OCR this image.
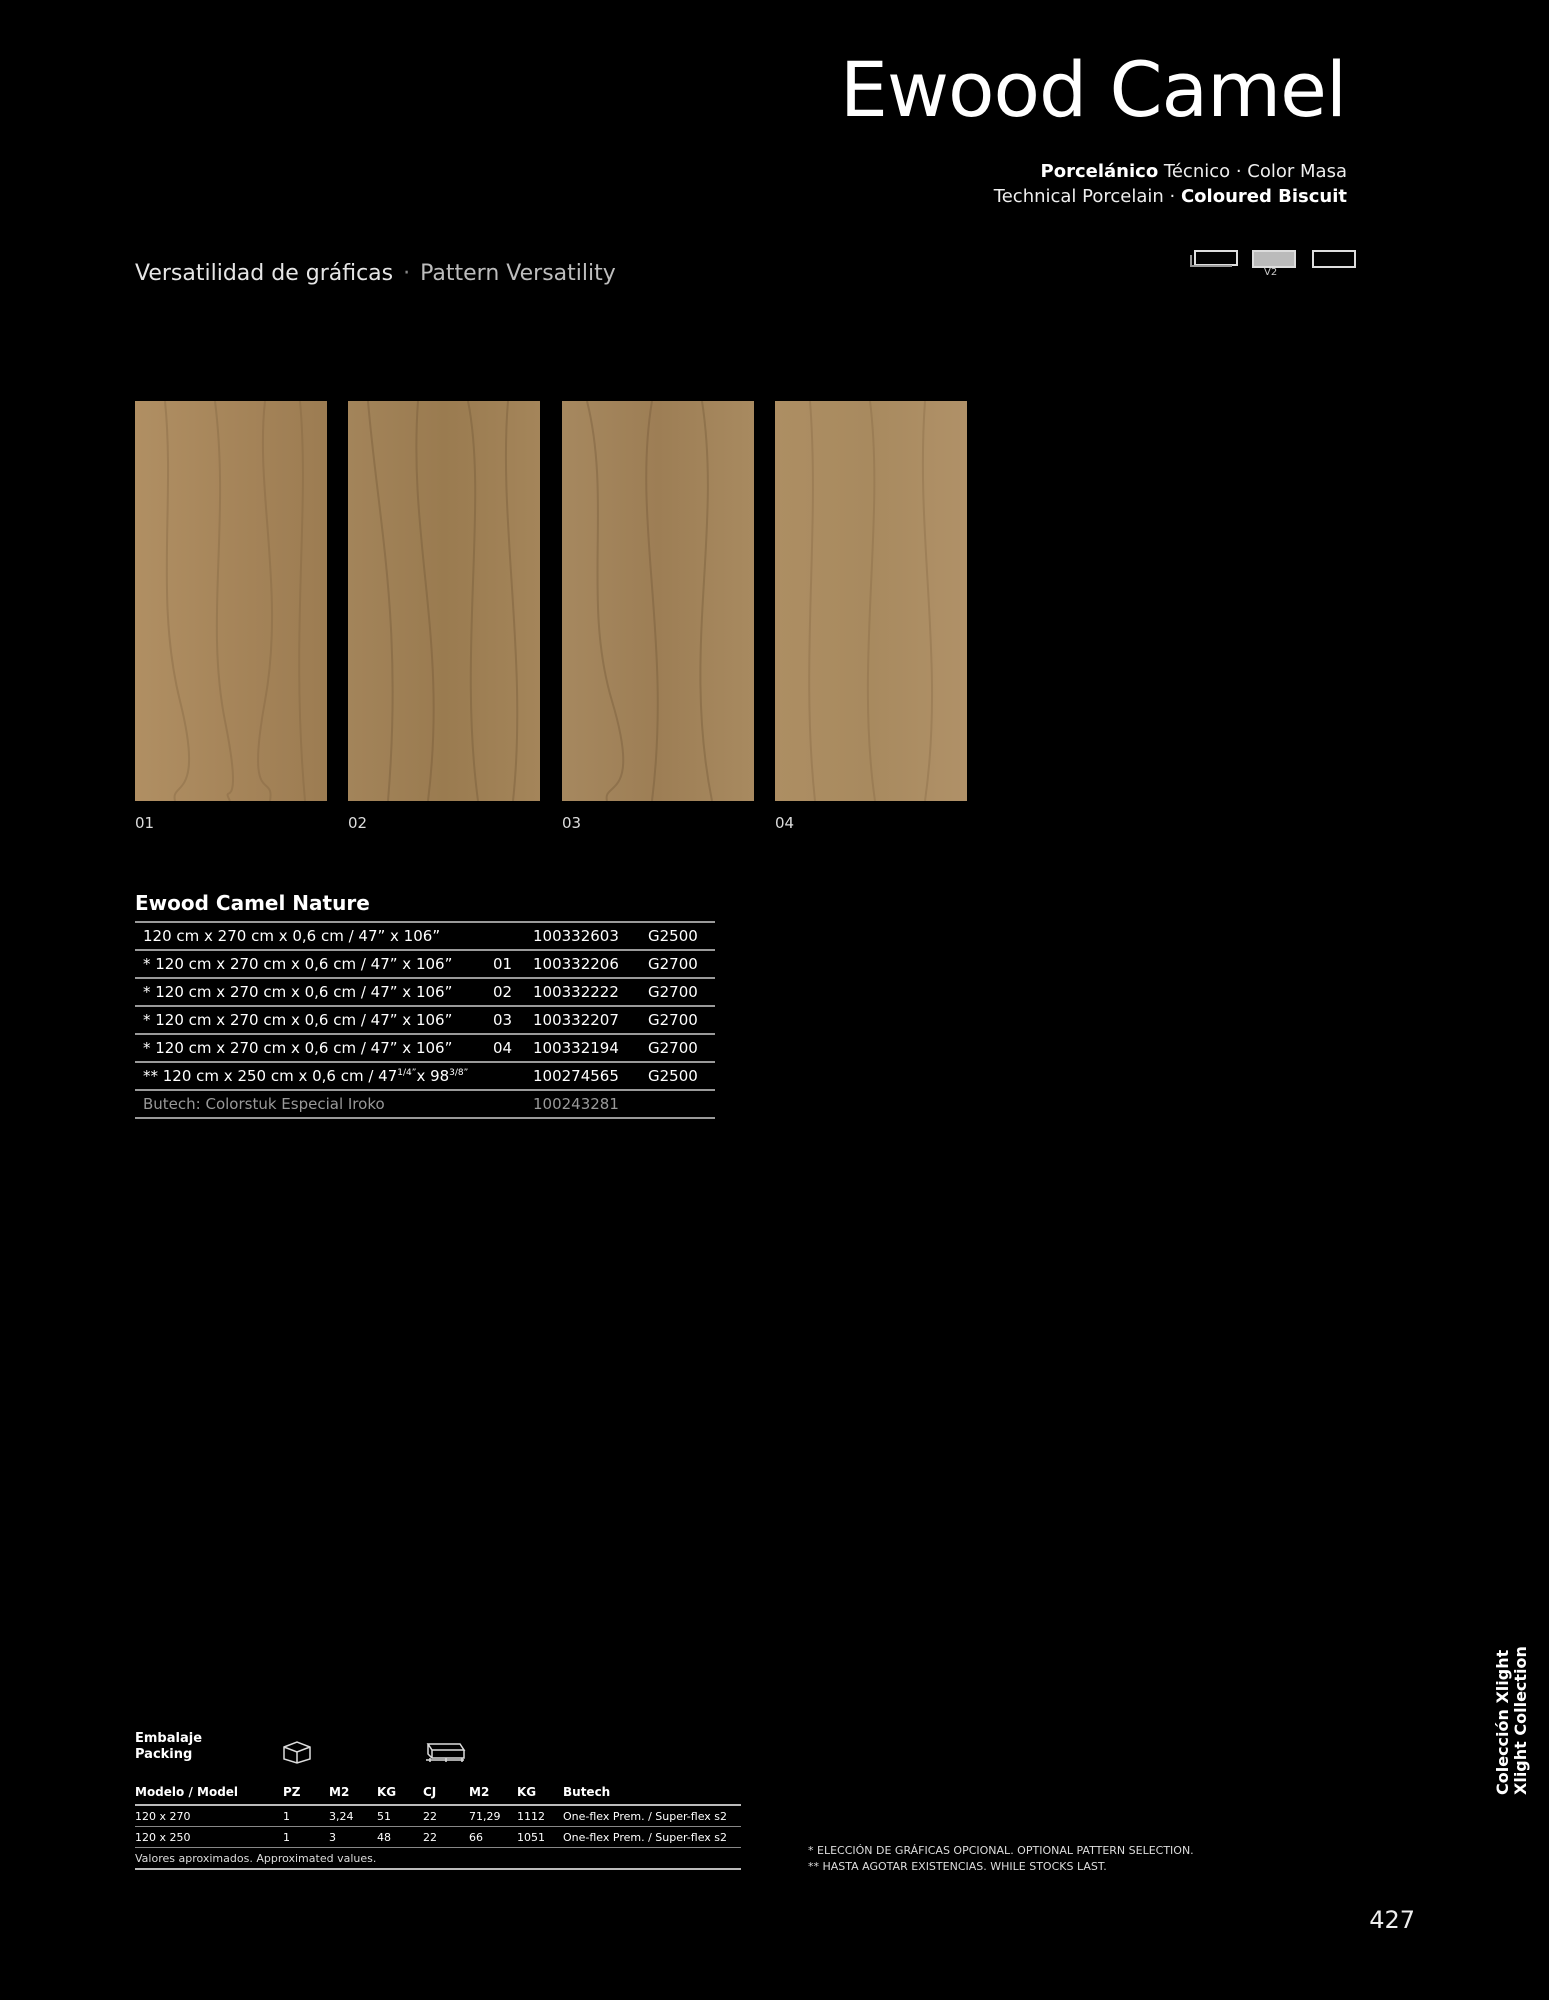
Ewood Camel
Porcelánico Técnico · Color Masa
Technical Porcelain · Coloured Biscuit
Versatilidad de gráficas · Pattern Versatility	V2
01	02	03	04
Ewood Camel Nature
120 cm x 270 cm x 0,6 cm / 47” x 106”		100332603	G2500
* 120 cm x 270 cm x 0,6 cm / 47” x 106”	01	100332206	G2700
* 120 cm x 270 cm x 0,6 cm / 47” x 106”	02	100332222	G2700
* 120 cm x 270 cm x 0,6 cm / 47” x 106”	03	100332207	G2700
* 120 cm x 270 cm x 0,6 cm / 47” x 106”	04	100332194	G2700
** 120 cm x 250 cm x 0,6 cm / $47^{1/4”}x$ $98^{3/8”}$		100274565	G2500
Butech: Colorstuk Especial Iroko		100243281	
Embalaje
Packing
Modelo / Model	PZ	M2	KG	CJ	M2	KG	Butech
120 x 270	1	3,24	51	22	71,29	1112	One-flex Prem. / Super-flex s2
120 x 250	1	3	48	22	66	1051	One-flex Prem. / Super-flex s2
Valores aproximados. Approximated values.							
* ELECCIÓN DE GRÁFICAS OPCIONAL. OPTIONAL PATTERN SELECTION.
** HASTA AGOTAR EXISTENCIAS. WHILE STOCKS LAST.
Colección Xlight Xlight Collection
427
